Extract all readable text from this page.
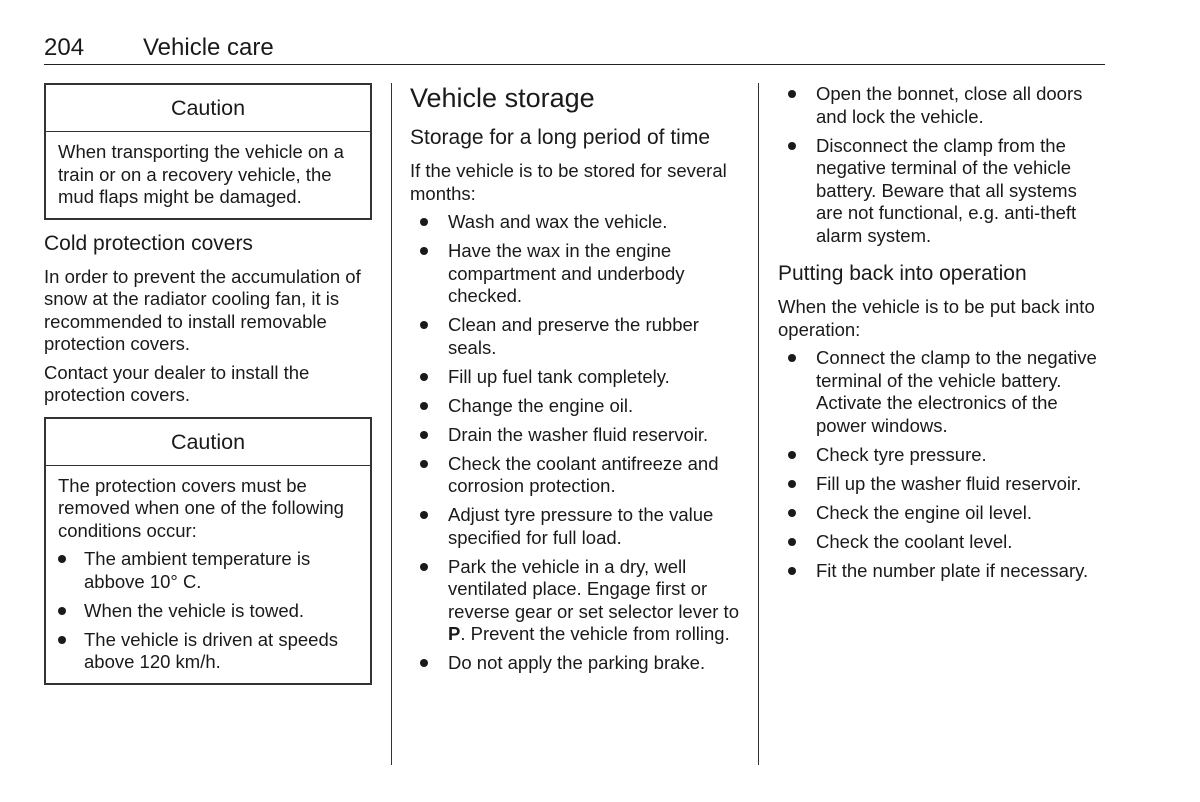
204 Vehicle care
Caution

When transporting the vehicle on a train or on a recovery vehicle, the mud flaps might be damaged.

Cold protection covers

In order to prevent the accumulation of snow at the radiator cooling fan, it is recommended to install removable protection covers.

Contact your dealer to install the protection covers.

Caution

The protection covers must be removed when one of the following conditions occur:

The ambient temperature is abbove 10° C.
When the vehicle is towed.
The vehicle is driven at speeds above 120 km/h.
Vehicle storage
Storage for a long period of time

If the vehicle is to be stored for several months:

Wash and wax the vehicle.
Have the wax in the engine compartment and underbody checked.
Clean and preserve the rubber seals.
Fill up fuel tank completely.
Change the engine oil.
Drain the washer fluid reservoir.
Check the coolant antifreeze and corrosion protection.
Adjust tyre pressure to the value specified for full load.
Park the vehicle in a dry, well ventilated place. Engage first or reverse gear or set selector lever to P. Prevent the vehicle from rolling.
Do not apply the parking brake.
Open the bonnet, close all doors and lock the vehicle.
Disconnect the clamp from the negative terminal of the vehicle battery. Beware that all systems are not functional, e.g. anti-theft alarm system.
Putting back into operation

When the vehicle is to be put back into operation:

Connect the clamp to the negative terminal of the vehicle battery. Activate the electronics of the power windows.
Check tyre pressure.
Fill up the washer fluid reservoir.
Check the engine oil level.
Check the coolant level.
Fit the number plate if necessary.
